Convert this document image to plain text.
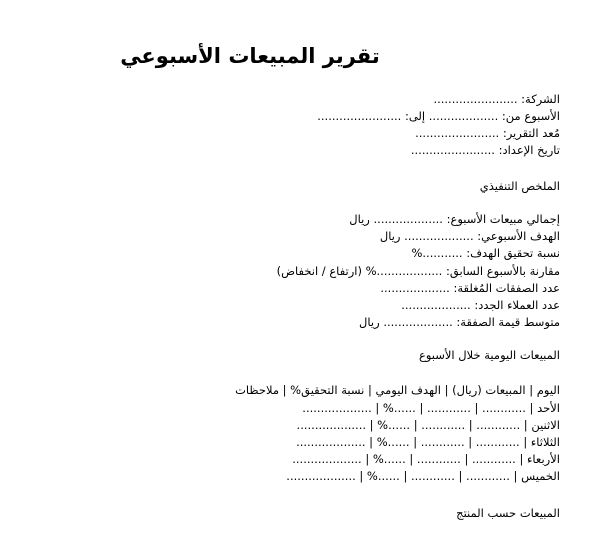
تقرير المبيعات الأسبوعي
الشركة: .......................
الأسبوع من: ................... إلى: .......................
مُعد التقرير: .......................
تاريخ الإعداد: .......................
الملخص التنفيذي
إجمالي مبيعات الأسبوع: ................... ريال
الهدف الأسبوعي: ................... ريال
نسبة تحقيق الهدف: ...........%
مقارنة بالأسبوع السابق: ..................% (ارتفاع / انخفاض)
عدد الصفقات المُغلقة: ...................
عدد العملاء الجدد: ...................
متوسط قيمة الصفقة: ................... ريال
المبيعات اليومية خلال الأسبوع
اليوم | المبيعات (ريال) | الهدف اليومي | نسبة التحقيق% | ملاحظات
الأحد | ............ | ............ | ......% | ...................
الاثنين | ............ | ............ | ......% | ...................
الثلاثاء | ............ | ............ | ......% | ...................
الأربعاء | ............ | ............ | ......% | ...................
الخميس | ............ | ............ | ......% | ...................
المبيعات حسب المنتج
